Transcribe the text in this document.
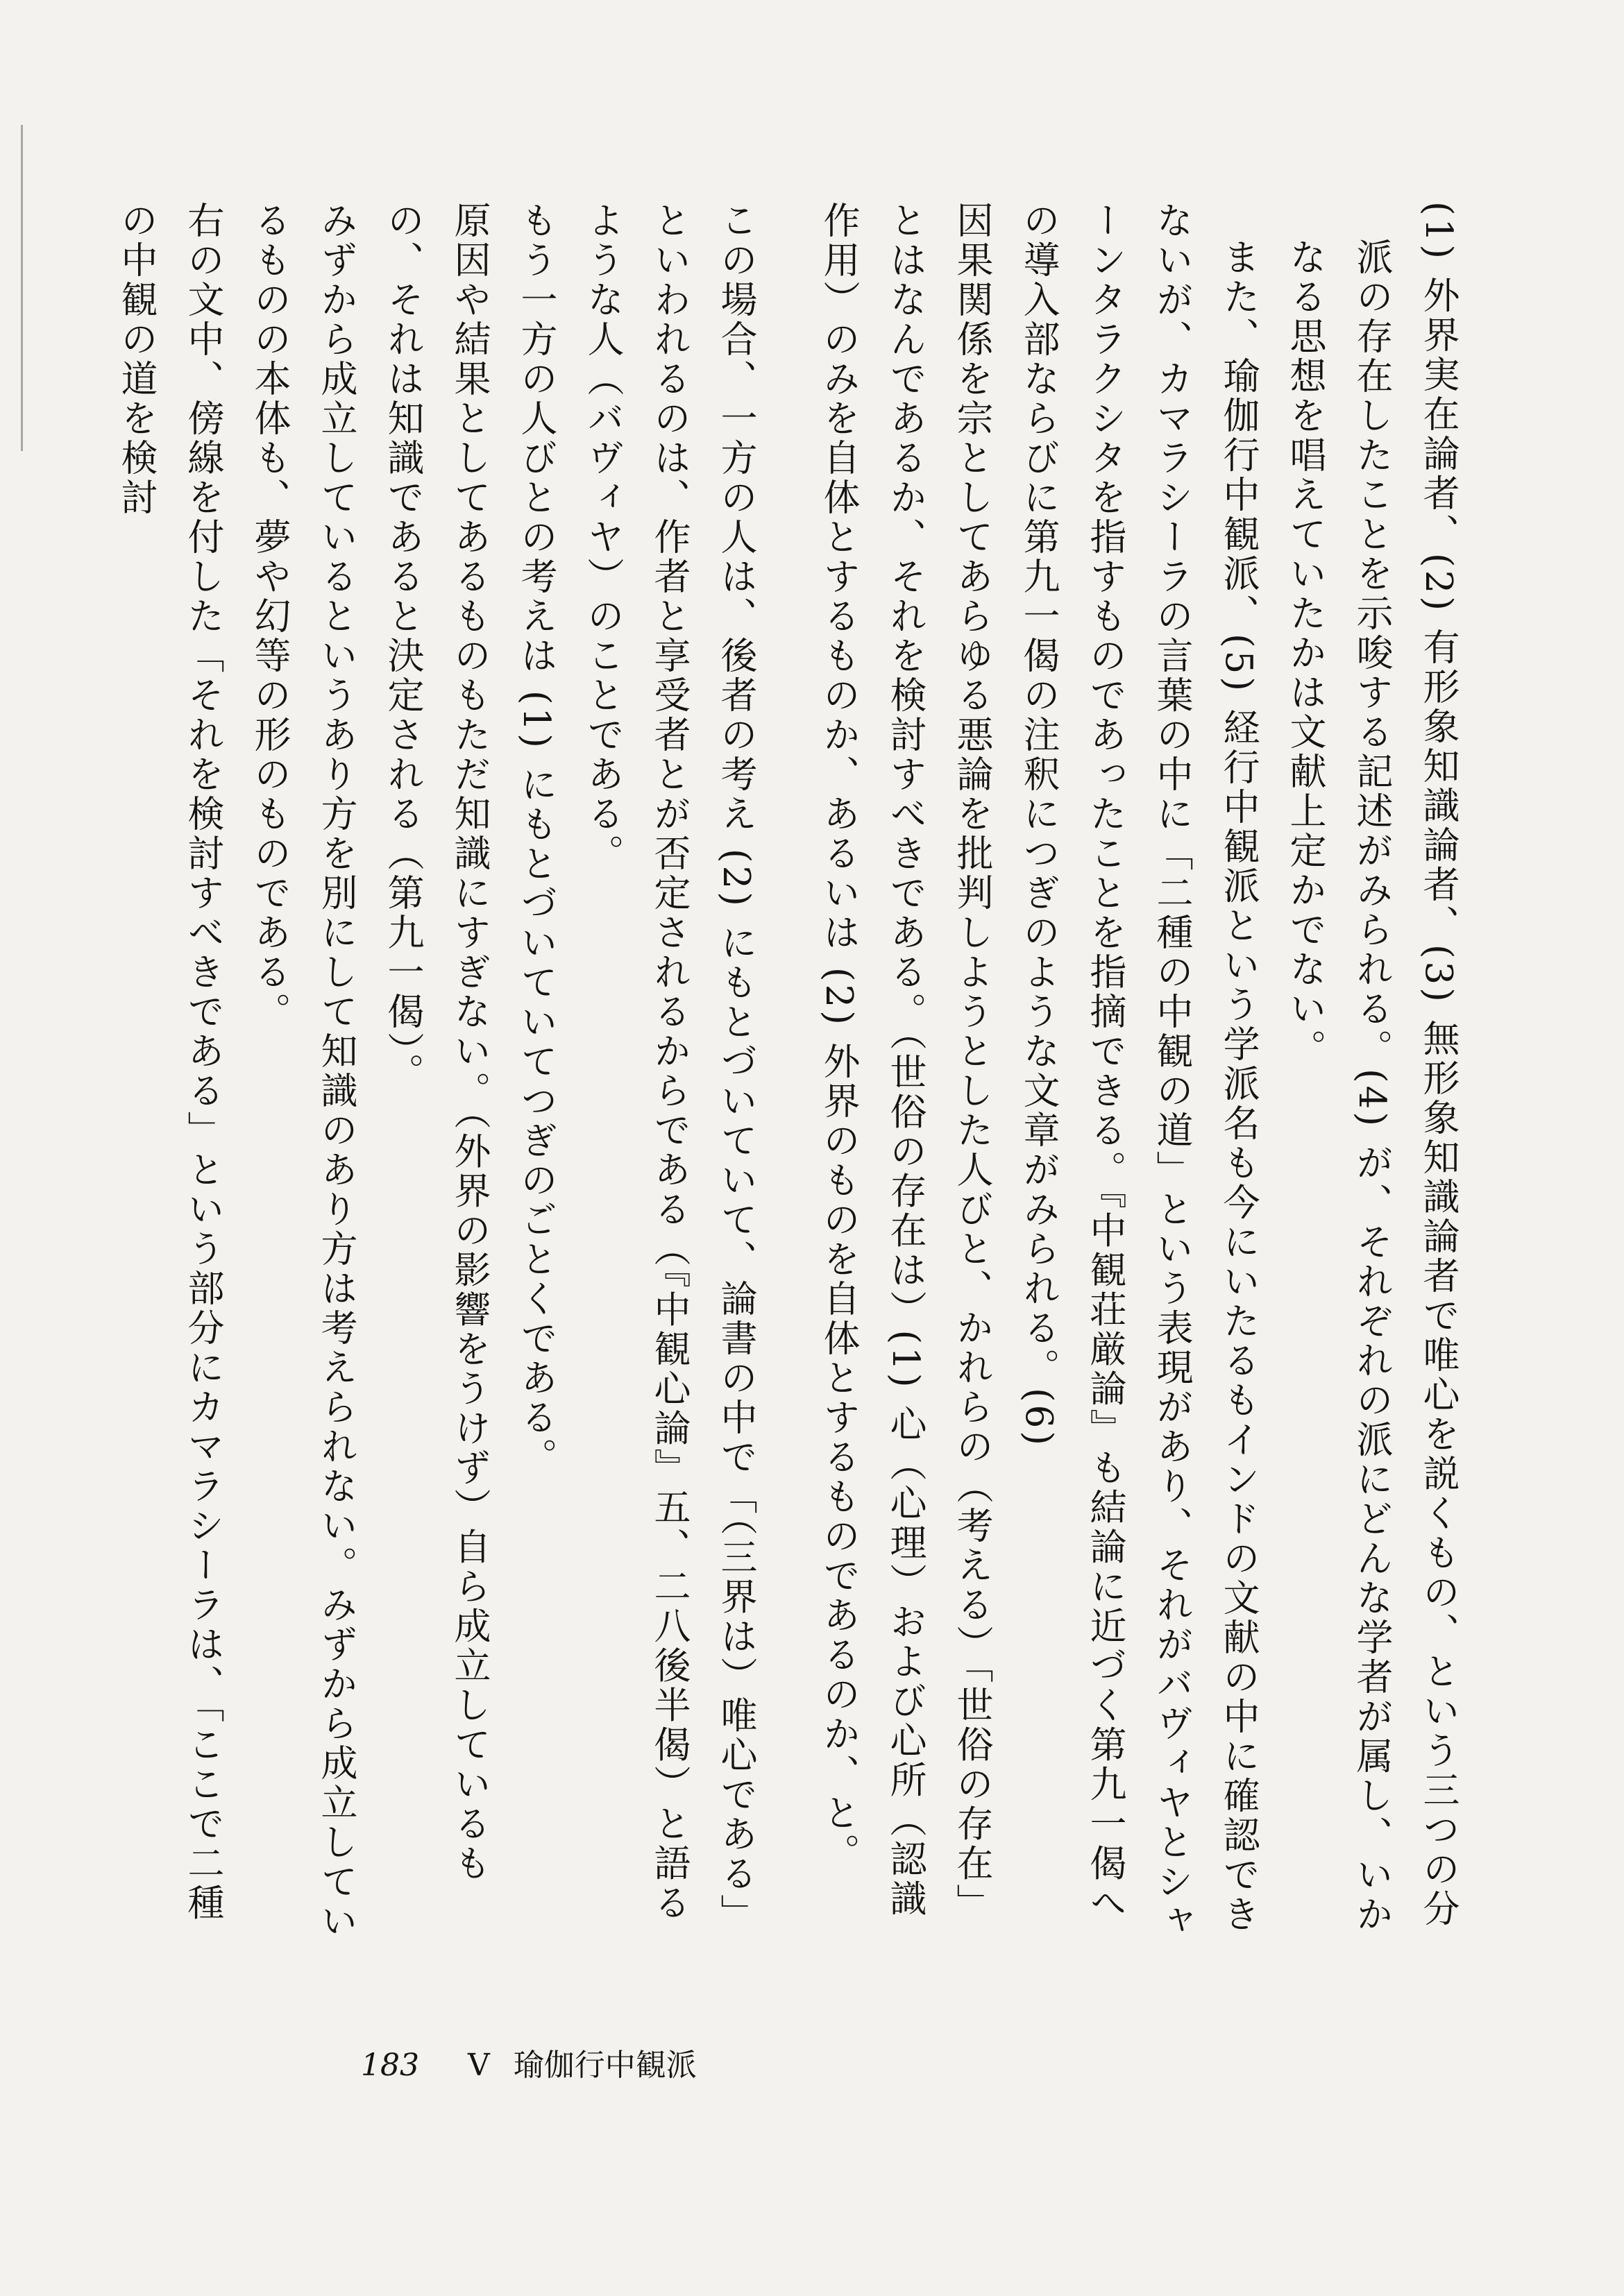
(1) 外界実在論者、(2) 有形象知識論者、(3) 無形象知識論者で唯心を説くもの、という三つの分派の存在したことを示唆する記述がみられる。(4) が、それぞれの派にどんな学者が属し、いかなる思想を唱えていたかは文献上定かでない。

また、瑜伽行中観派、(5) 経行中観派という学派名も今にいたるもインドの文献の中に確認できないが、カマラシーラの言葉の中に「二種の中観の道」という表現があり、それがバヴィヤとシャーンタラクシタを指すものであったことを指摘できる。『中観荘厳論』も結論に近づく第九一偈への導入部ならびに第九一偈の注釈につぎのような文章がみられる。(6)

因果関係を宗としてあらゆる悪論を批判しようとした人びと、かれらの（考える）「世俗の存在」とはなんであるか、それを検討すべきである。（世俗の存在は）(1) 心（心理）および心所（認識作用）のみを自体とするものか、あるいは (2) 外界のものを自体とするものであるのか、と。

この場合、一方の人は、後者の考え (2) にもとづいていて、論書の中で「（三界は）唯心である」といわれるのは、作者と享受者とが否定されるからである（『中観心論』五、二八後半偈）と語るような人（バヴィヤ）のことである。

もう一方の人びとの考えは (1) にもとづいていてつぎのごとくである。

原因や結果としてあるものもただ知識にすぎない。（外界の影響をうけず）自ら成立しているもの、それは知識であると決定される（第九一偈）。

みずから成立しているというあり方を別にして知識のあり方は考えられない。みずから成立しているものの本体も、夢や幻等の形のものである。

右の文中、傍線を付した「それを検討すべきである」という部分にカマラシーラは、「ここで二種の中観の道を検討

183 V 瑜伽行中観派
